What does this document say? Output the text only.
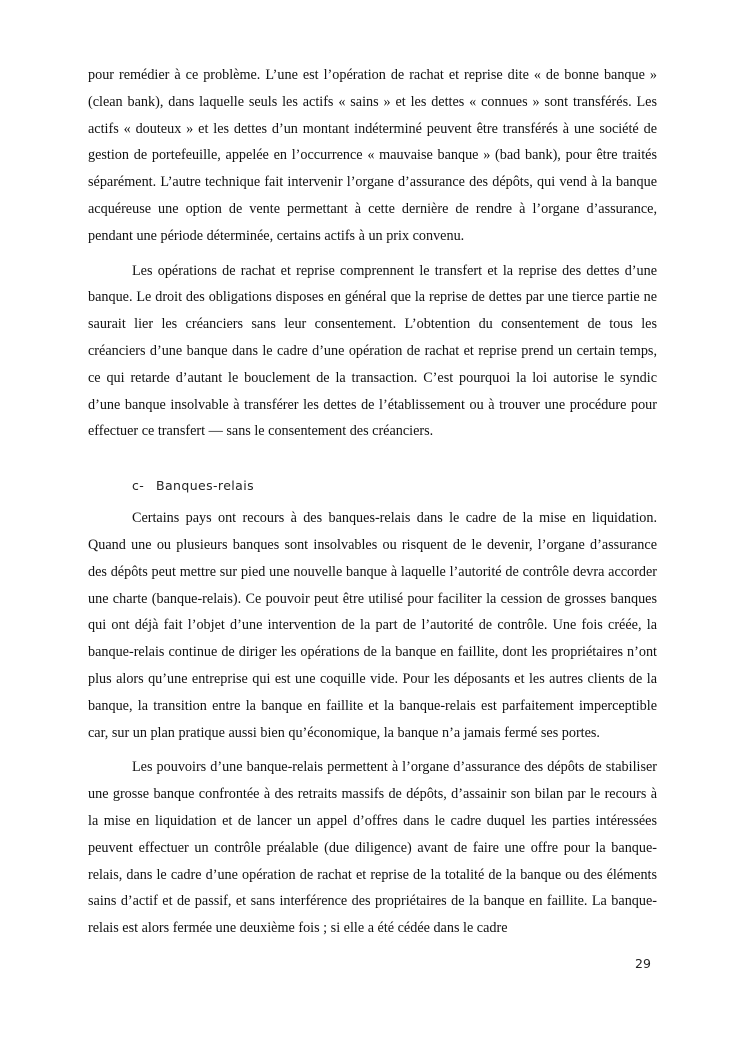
pour remédier à ce problème. L’une est l’opération de rachat et reprise dite « de bonne banque » (clean bank), dans laquelle seuls les actifs « sains » et les dettes « connues » sont transférés. Les actifs « douteux » et les dettes d’un montant indéterminé peuvent être transférés à une société de gestion de portefeuille, appelée en l’occurrence « mauvaise banque » (bad bank), pour être traités séparément. L’autre technique fait intervenir l’organe d’assurance des dépôts, qui vend à la banque acquéreuse une option de vente permettant à cette dernière de rendre à l’organe d’assurance, pendant une période déterminée, certains actifs à un prix convenu.

Les opérations de rachat et reprise comprennent le transfert et la reprise des dettes d’une banque. Le droit des obligations disposes en général que la reprise de dettes par une tierce partie ne saurait lier les créanciers sans leur consentement. L’obtention du consentement de tous les créanciers d’une banque dans le cadre d’une opération de rachat et reprise prend un certain temps, ce qui retarde d’autant le bouclement de la transaction. C’est pourquoi la loi autorise le syndic d’une banque insolvable à transférer les dettes de l’établissement ou à trouver une procédure pour effectuer ce transfert — sans le consentement des créanciers.

c- Banques-relais

Certains pays ont recours à des banques-relais dans le cadre de la mise en liquidation. Quand une ou plusieurs banques sont insolvables ou risquent de le devenir, l’organe d’assurance des dépôts peut mettre sur pied une nouvelle banque à laquelle l’autorité de contrôle devra accorder une charte (banque-relais). Ce pouvoir peut être utilisé pour faciliter la cession de grosses banques qui ont déjà fait l’objet d’une intervention de la part de l’autorité de contrôle. Une fois créée, la banque-relais continue de diriger les opérations de la banque en faillite, dont les propriétaires n’ont plus alors qu’une entreprise qui est une coquille vide. Pour les déposants et les autres clients de la banque, la transition entre la banque en faillite et la banque-relais est parfaitement imperceptible car, sur un plan pratique aussi bien qu’économique, la banque n’a jamais fermé ses portes.

Les pouvoirs d’une banque-relais permettent à l’organe d’assurance des dépôts de stabiliser une grosse banque confrontée à des retraits massifs de dépôts, d’assainir son bilan par le recours à la mise en liquidation et de lancer un appel d’offres dans le cadre duquel les parties intéressées peuvent effectuer un contrôle préalable (due diligence) avant de faire une offre pour la banque-relais, dans le cadre d’une opération de rachat et reprise de la totalité de la banque ou des éléments sains d’actif et de passif, et sans interférence des propriétaires de la banque en faillite. La banque-relais est alors fermée une deuxième fois ; si elle a été cédée dans le cadre

29
